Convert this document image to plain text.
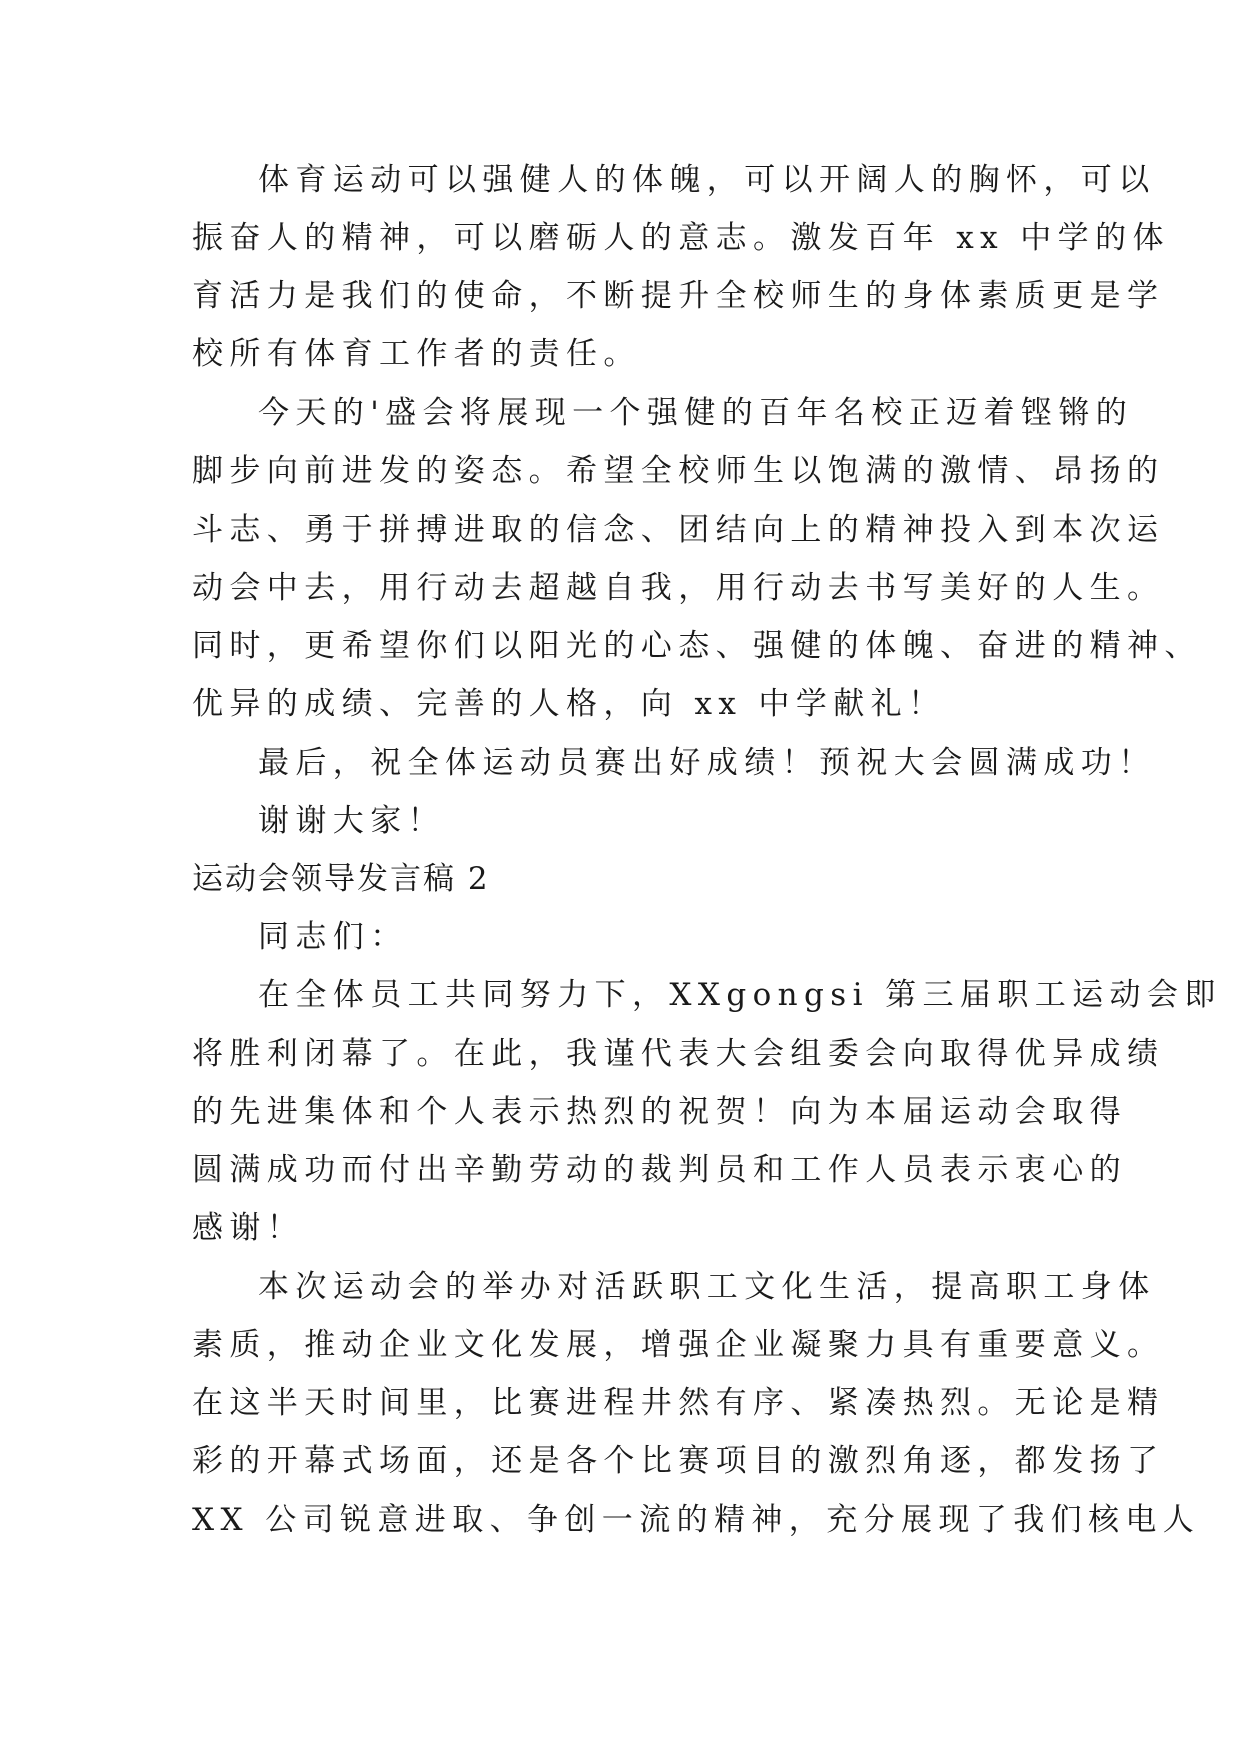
体育运动可以强健人的体魄，可以开阔人的胸怀，可以
振奋人的精神，可以磨砺人的意志。激发百年 xx 中学的体
育活力是我们的使命，不断提升全校师生的身体素质更是学
校所有体育工作者的责任。
今天的'盛会将展现一个强健的百年名校正迈着铿锵的
脚步向前进发的姿态。希望全校师生以饱满的激情、昂扬的
斗志、勇于拼搏进取的信念、团结向上的精神投入到本次运
动会中去，用行动去超越自我，用行动去书写美好的人生。
同时，更希望你们以阳光的心态、强健的体魄、奋进的精神、
优异的成绩、完善的人格，向 xx 中学献礼！
最后，祝全体运动员赛出好成绩！预祝大会圆满成功！
谢谢大家！
运动会领导发言稿 2
同志们：
在全体员工共同努力下，XXgongsi 第三届职工运动会即
将胜利闭幕了。在此，我谨代表大会组委会向取得优异成绩
的先进集体和个人表示热烈的祝贺！向为本届运动会取得
圆满成功而付出辛勤劳动的裁判员和工作人员表示衷心的
感谢！
本次运动会的举办对活跃职工文化生活，提高职工身体
素质，推动企业文化发展，增强企业凝聚力具有重要意义。
在这半天时间里，比赛进程井然有序、紧凑热烈。无论是精
彩的开幕式场面，还是各个比赛项目的激烈角逐，都发扬了
XX 公司锐意进取、争创一流的精神，充分展现了我们核电人
